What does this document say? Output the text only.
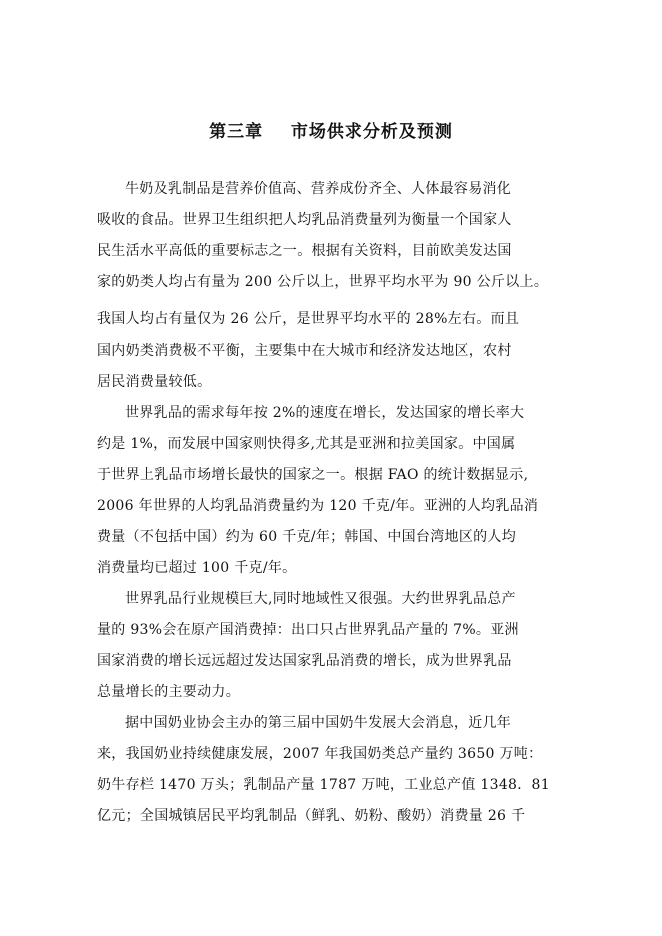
第三章    市场供求分析及预测
牛奶及乳制品是营养价值高、营养成份齐全、人体最容易消化
吸收的食品。世界卫生组织把人均乳品消费量列为衡量一个国家人
民生活水平高低的重要标志之一。根据有关资料，目前欧美发达国
家的奶类人均占有量为 200 公斤以上，世界平均水平为 90 公斤以上。
我国人均占有量仅为 26 公斤，是世界平均水平的 28%左右。而且
国内奶类消费极不平衡，主要集中在大城市和经济发达地区，农村
居民消费量较低。
世界乳品的需求每年按 2%的速度在增长，发达国家的增长率大
约是 1%，而发展中国家则快得多,尤其是亚洲和拉美国家。中国属
于世界上乳品市场增长最快的国家之一。根据 FAO 的统计数据显示,
2006 年世界的人均乳品消费量约为 120 千克/年。亚洲的人均乳品消
费量（不包括中国）约为 60 千克/年；韩国、中国台湾地区的人均
消费量均已超过 100 千克/年。
世界乳品行业规模巨大,同时地域性又很强。大约世界乳品总产
量的 93%会在原产国消费掉：出口只占世界乳品产量的 7%。亚洲
国家消费的增长远远超过发达国家乳品消费的增长，成为世界乳品
总量增长的主要动力。
据中国奶业协会主办的第三届中国奶牛发展大会消息，近几年
来，我国奶业持续健康发展，2007 年我国奶类总产量约 3650 万吨：
奶牛存栏 1470 万头；乳制品产量 1787 万吨，工业总产值 1348．81
亿元；全国城镇居民平均乳制品（鲜乳、奶粉、酸奶）消费量 26 千
